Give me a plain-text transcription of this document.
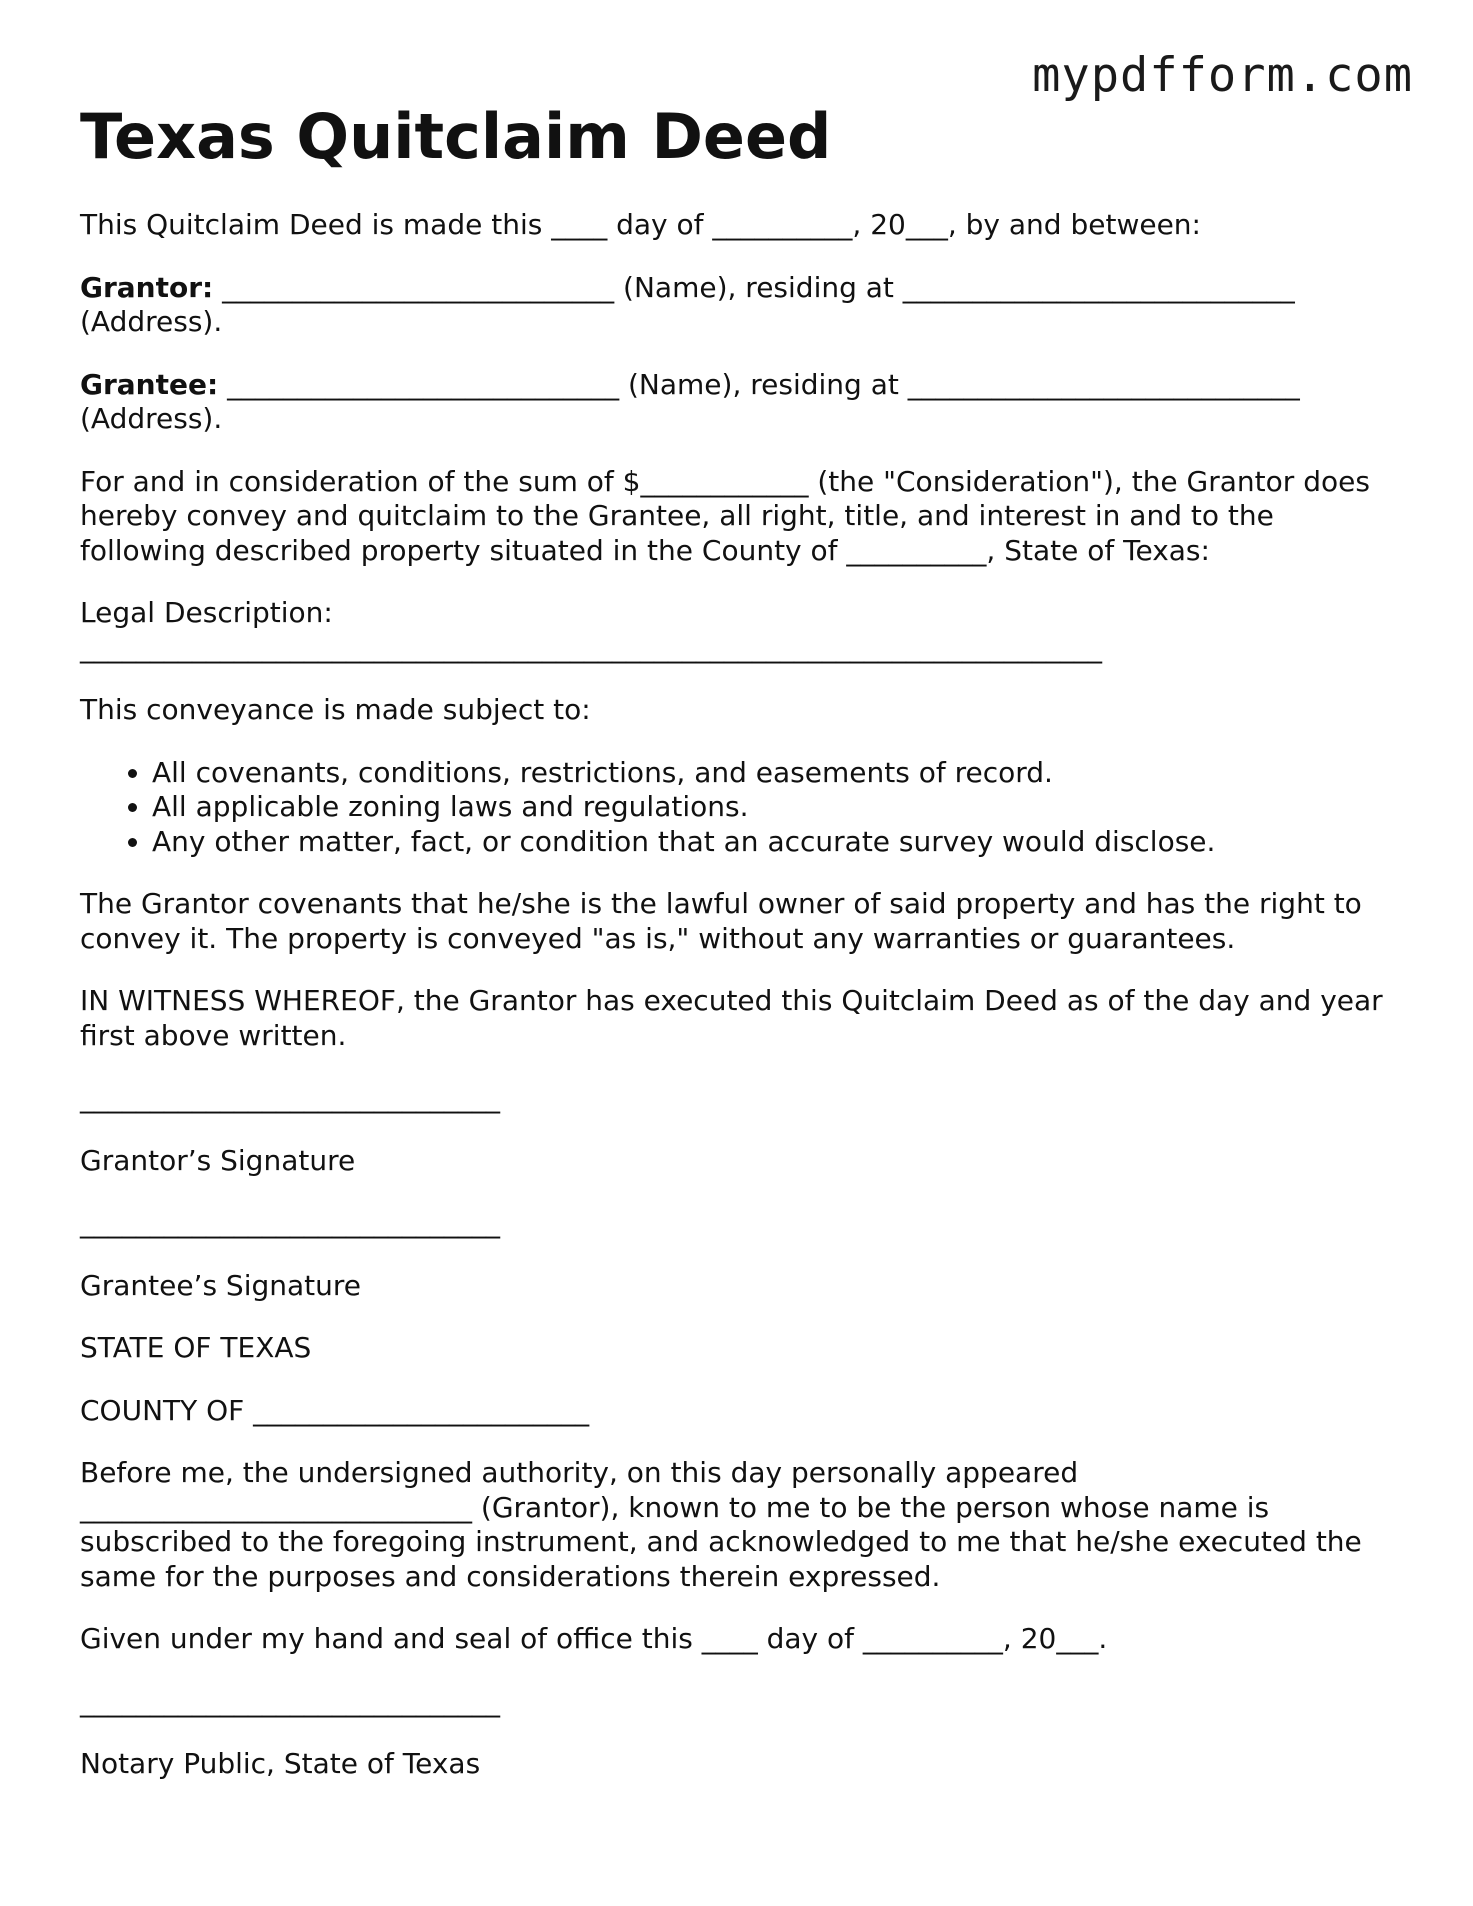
mypdfform.com
Texas Quitclaim Deed

This Quitclaim Deed is made this ____ day of __________, 20___, by and between:

Grantor: ____________________________ (Name), residing at ____________________________ (Address).

Grantee: ____________________________ (Name), residing at ____________________________ (Address).

For and in consideration of the sum of $____________ (the "Consideration"), the Grantor does hereby convey and quitclaim to the Grantee, all right, title, and interest in and to the following described property situated in the County of __________, State of Texas:

Legal Description:
_________________________________________________________________________

This conveyance is made subject to:

• All covenants, conditions, restrictions, and easements of record.
• All applicable zoning laws and regulations.
• Any other matter, fact, or condition that an accurate survey would disclose.

The Grantor covenants that he/she is the lawful owner of said property and has the right to convey it. The property is conveyed "as is," without any warranties or guarantees.

IN WITNESS WHEREOF, the Grantor has executed this Quitclaim Deed as of the day and year first above written.

______________________________

Grantor’s Signature

______________________________

Grantee’s Signature

STATE OF TEXAS

COUNTY OF ________________________

Before me, the undersigned authority, on this day personally appeared ____________________________ (Grantor), known to me to be the person whose name is subscribed to the foregoing instrument, and acknowledged to me that he/she executed the same for the purposes and considerations therein expressed.

Given under my hand and seal of office this ____ day of __________, 20___.

______________________________

Notary Public, State of Texas
